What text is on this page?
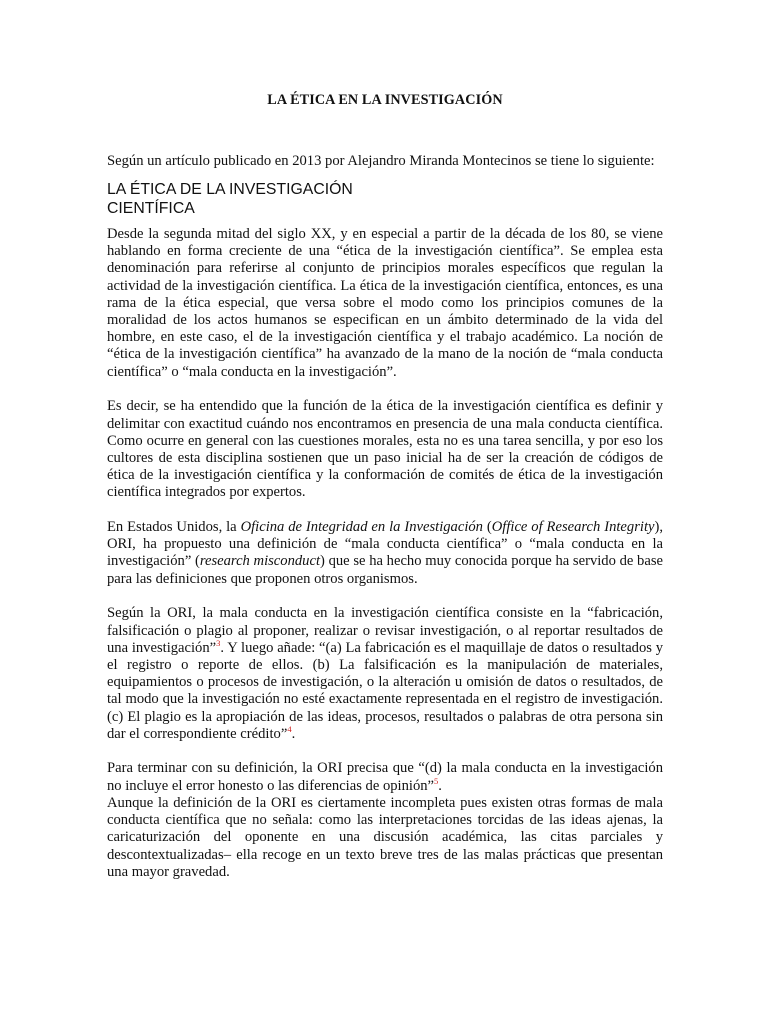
LA ÉTICA EN LA INVESTIGACIÓN

Según un artículo publicado en 2013 por Alejandro Miranda Montecinos se tiene lo siguiente:

LA ÉTICA DE LA INVESTIGACIÓN
CIENTÍFICA

Desde la segunda mitad del siglo XX, y en especial a partir de la década de los 80, se viene hablando en forma creciente de una “ética de la investigación científica”. Se emplea esta denominación para referirse al conjunto de principios morales específicos que regulan la actividad de la investigación científica. La ética de la investigación científica, entonces, es una rama de la ética especial, que versa sobre el modo como los principios comunes de la moralidad de los actos humanos se especifican en un ámbito determinado de la vida del hombre, en este caso, el de la investigación científica y el trabajo académico. La noción de “ética de la investigación científica” ha avanzado de la mano de la noción de “mala conducta científica” o “mala conducta en la investigación”.

Es decir, se ha entendido que la función de la ética de la investigación científica es definir y delimitar con exactitud cuándo nos encontramos en presencia de una mala conducta científica. Como ocurre en general con las cuestiones morales, esta no es una tarea sencilla, y por eso los cultores de esta disciplina sostienen que un paso inicial ha de ser la creación de códigos de ética de la investigación científica y la conformación de comités de ética de la investigación científica integrados por expertos.

En Estados Unidos, la Oficina de Integridad en la Investigación (Office of Research Integrity), ORI, ha propuesto una definición de “mala conducta científica” o “mala conducta en la investigación” (research misconduct) que se ha hecho muy conocida porque ha servido de base para las definiciones que proponen otros organismos.

Según la ORI, la mala conducta en la investigación científica consiste en la “fabricación, falsificación o plagio al proponer, realizar o revisar investigación, o al reportar resultados de una investigación”$^3$. Y luego añade: “(a) La fabricación es el maquillaje de datos o resultados y el registro o reporte de ellos. (b) La falsificación es la manipulación de materiales, equipamientos o procesos de investigación, o la alteración u omisión de datos o resultados, de tal modo que la investigación no esté exactamente representada en el registro de investigación. (c) El plagio es la apropiación de las ideas, procesos, resultados o palabras de otra persona sin dar el correspondiente crédito”$^4$.

Para terminar con su definición, la ORI precisa que “(d) la mala conducta en la investigación no incluye el error honesto o las diferencias de opinión”$^5$.

Aunque la definición de la ORI es ciertamente incompleta pues existen otras formas de mala conducta científica que no señala: como las interpretaciones torcidas de las ideas ajenas, la caricaturización del oponente en una discusión académica, las citas parciales y descontextualizadas– ella recoge en un texto breve tres de las malas prácticas que presentan una mayor gravedad.
